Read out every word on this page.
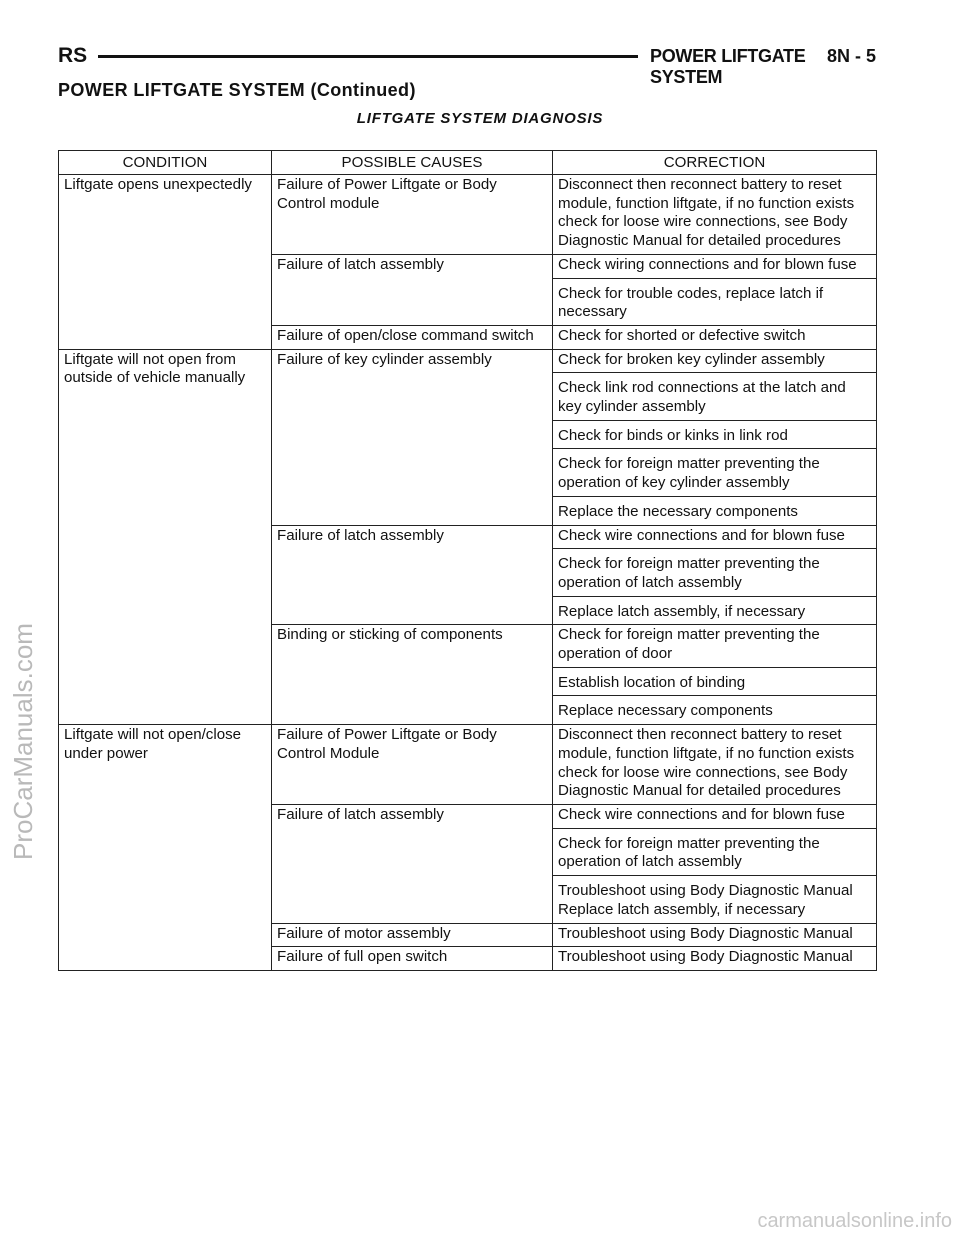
RS	POWER LIFTGATE SYSTEM
8N - 5
POWER LIFTGATE SYSTEM (Continued)
LIFTGATE SYSTEM DIAGNOSIS
CONDITION	POSSIBLE CAUSES	CORRECTION
Liftgate opens unexpectedly	Failure of Power Liftgate or Body Control module	Disconnect then reconnect battery to reset module, function liftgate, if no function exists check for loose wire connections, see Body Diagnostic Manual for detailed procedures

	Failure of latch assembly	Check wiring connections and for blown fuse
Check for trouble codes, replace latch if necessary

	Failure of open/close command switch	Check for shorted or defective switch

Liftgate will not open from outside of vehicle manually	Failure of key cylinder assembly	Check for broken key cylinder assembly
Check link rod connections at the latch and key cylinder assembly
Check for binds or kinks in link rod
Check for foreign matter preventing the operation of key cylinder assembly
Replace the necessary components

	Failure of latch assembly	Check wire connections and for blown fuse
Check for foreign matter preventing the operation of latch assembly
Replace latch assembly, if necessary

	Binding or sticking of components	Check for foreign matter preventing the operation of door
Establish location of binding
Replace necessary components

Liftgate will not open/close under power	Failure of Power Liftgate or Body Control Module	Disconnect then reconnect battery to reset module, function liftgate, if no function exists check for loose wire connections, see Body Diagnostic Manual for detailed procedures

	Failure of latch assembly	Check wire connections and for blown fuse
Check for foreign matter preventing the operation of latch assembly
Troubleshoot using Body Diagnostic Manual Replace latch assembly, if necessary

	Failure of motor assembly	Troubleshoot using Body Diagnostic Manual

	Failure of full open switch	Troubleshoot using Body Diagnostic Manual
ProCarManuals.com
carmanualsonline.info
